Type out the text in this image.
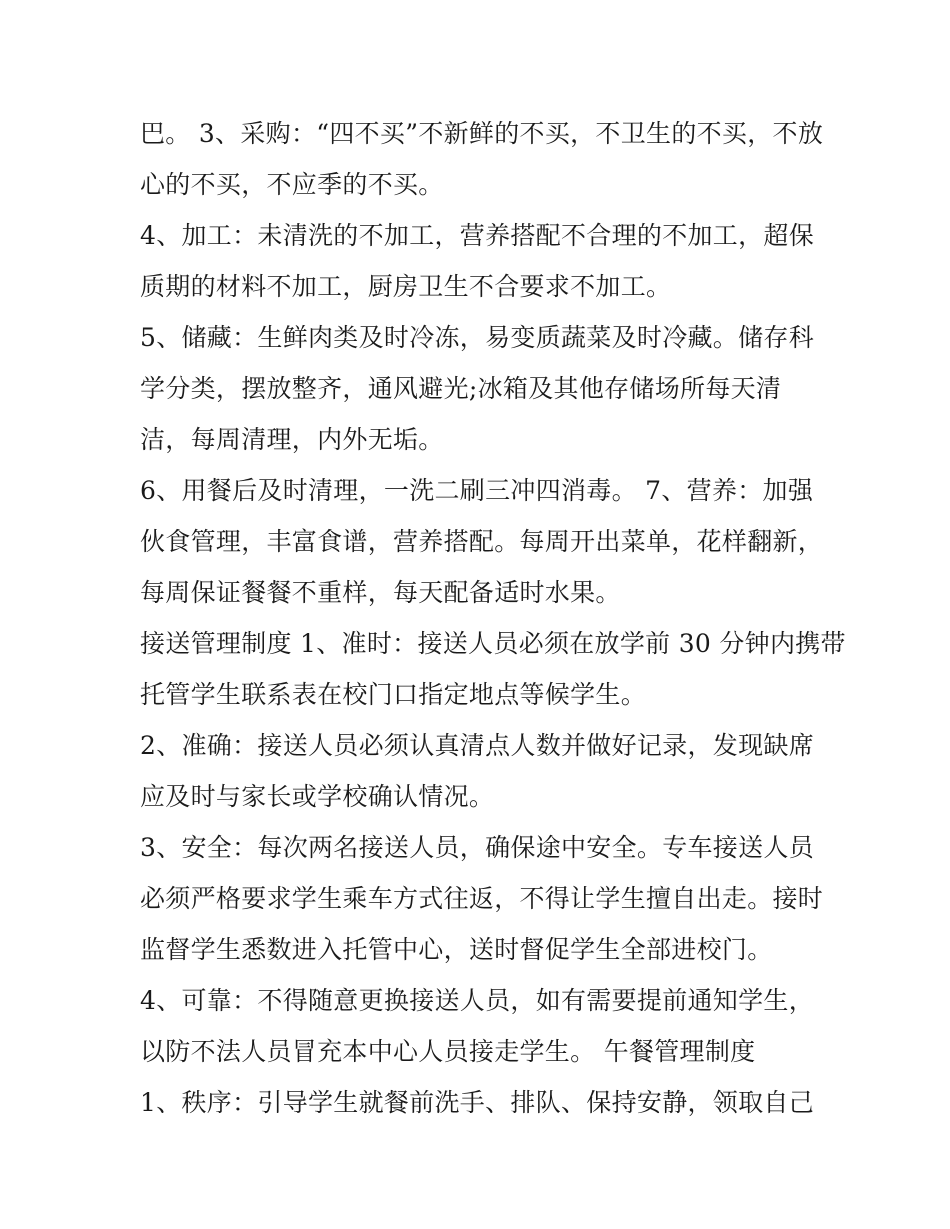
巴。 3、采购：“四不买”不新鲜的不买，不卫生的不买，不放
心的不买，不应季的不买。
4、加工：未清洗的不加工，营养搭配不合理的不加工，超保
质期的材料不加工，厨房卫生不合要求不加工。
5、储藏：生鲜肉类及时冷冻，易变质蔬菜及时冷藏。储存科
学分类，摆放整齐，通风避光;冰箱及其他存储场所每天清
洁，每周清理，内外无垢。
6、用餐后及时清理，一洗二刷三冲四消毒。 7、营养：加强
伙食管理，丰富食谱，营养搭配。每周开出菜单，花样翻新，
每周保证餐餐不重样，每天配备适时水果。
接送管理制度 1、准时：接送人员必须在放学前 30 分钟内携带
托管学生联系表在校门口指定地点等候学生。
2、准确：接送人员必须认真清点人数并做好记录，发现缺席
应及时与家长或学校确认情况。
3、安全：每次两名接送人员，确保途中安全。专车接送人员
必须严格要求学生乘车方式往返，不得让学生擅自出走。接时
监督学生悉数进入托管中心，送时督促学生全部进校门。
4、可靠：不得随意更换接送人员，如有需要提前通知学生，
以防不法人员冒充本中心人员接走学生。 午餐管理制度
1、秩序：引导学生就餐前洗手、排队、保持安静，领取自己
